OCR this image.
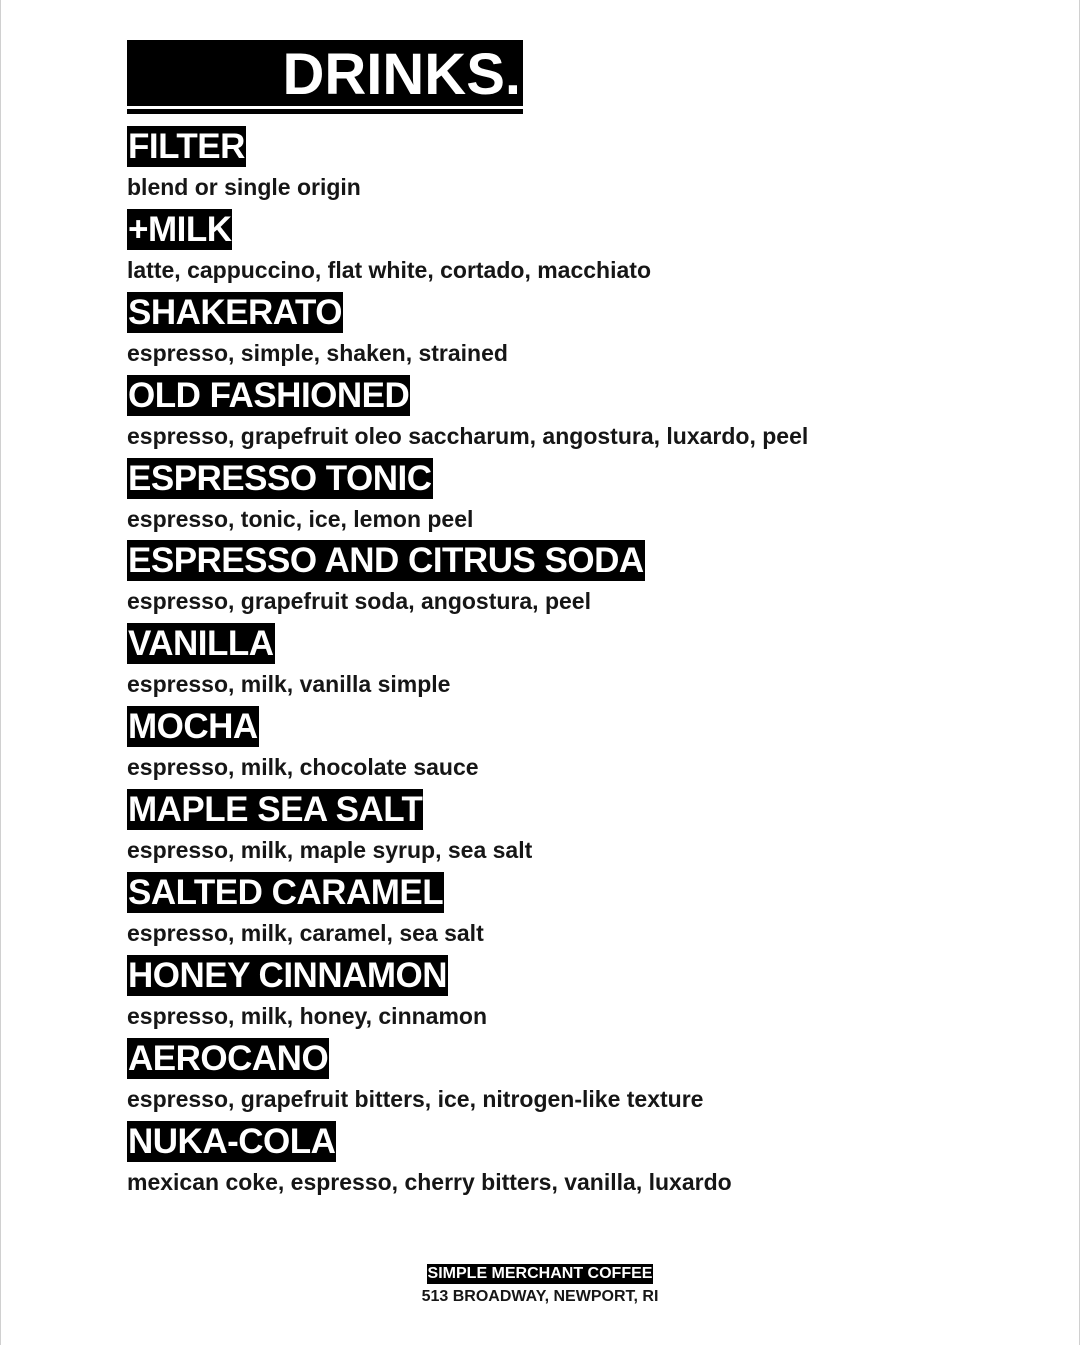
DRINKS.
FILTER
blend or single origin
+MILK
latte, cappuccino, flat white, cortado, macchiato
SHAKERATO
espresso, simple, shaken, strained
OLD FASHIONED
espresso, grapefruit oleo saccharum, angostura, luxardo, peel
ESPRESSO TONIC
espresso, tonic, ice, lemon peel
ESPRESSO AND CITRUS SODA
espresso, grapefruit soda, angostura, peel
VANILLA
espresso, milk, vanilla simple
MOCHA
espresso, milk, chocolate sauce
MAPLE SEA SALT
espresso, milk, maple syrup, sea salt
SALTED CARAMEL
espresso, milk, caramel, sea salt
HONEY CINNAMON
espresso, milk, honey, cinnamon
AEROCANO
espresso, grapefruit bitters, ice, nitrogen-like texture
NUKA-COLA
mexican coke, espresso, cherry bitters, vanilla, luxardo
SIMPLE MERCHANT COFFEE
513 BROADWAY, NEWPORT, RI
